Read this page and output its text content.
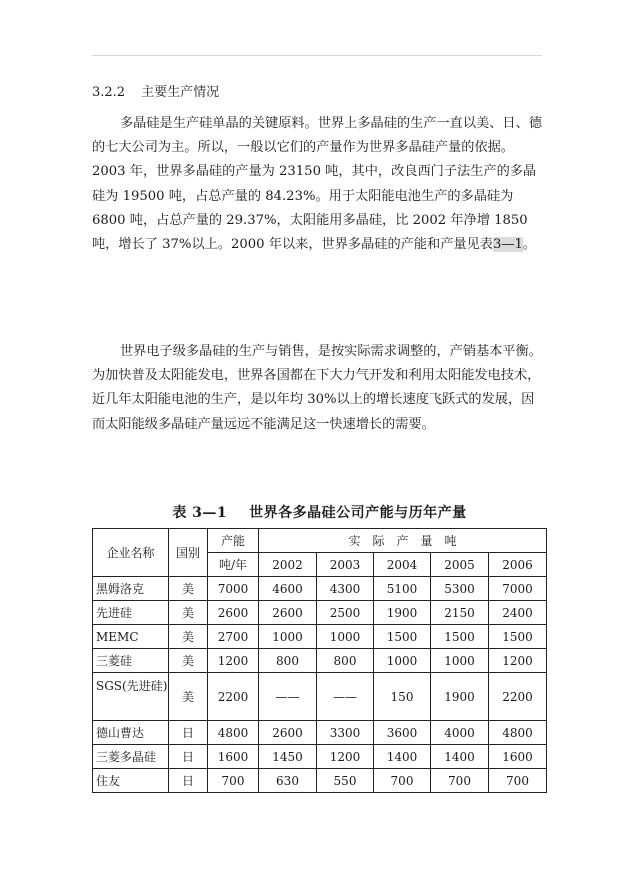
3.2.2 主要生产情况

多晶硅是生产硅单晶的关键原料。世界上多晶硅的生产一直以美、日、德的七大公司为主。所以，一般以它们的产量作为世界多晶硅产量的依据。2003 年，世界多晶硅的产量为 23150 吨，其中，改良西门子法生产的多晶硅为 19500 吨，占总产量的 84.23%。用于太阳能电池生产的多晶硅为 6800 吨，占总产量的 29.37%，太阳能用多晶硅，比 2002 年净增 1850 吨，增长了 37%以上。2000 年以来，世界多晶硅的产能和产量见表3—1。

世界电子级多晶硅的生产与销售，是按实际需求调整的，产销基本平衡。为加快普及太阳能发电，世界各国都在下大力气开发和利用太阳能发电技术，近几年太阳能电池的生产，是以年均 30%以上的增长速度飞跃式的发展，因而太阳能级多晶硅产量远远不能满足这一快速增长的需要。

表 3—1 世界各多晶硅公司产能与历年产量
企业名称	国别	产能	实　际　产　量　吨				
		吨/年	2002	2003	2004	2005	2006
黑姆洛克	美	7000	4600	4300	5100	5300	7000
先进硅	美	2600	2600	2500	1900	2150	2400
MEMC	美	2700	1000	1000	1500	1500	1500
三菱硅	美	1200	800	800	1000	1000	1200
SGS(先进硅)	美	2200	——	——	150	1900	2200
德山曹达	日	4800	2600	3300	3600	4000	4800
三菱多晶硅	日	1600	1450	1200	1400	1400	1600
住友	日	700	630	550	700	700	700
